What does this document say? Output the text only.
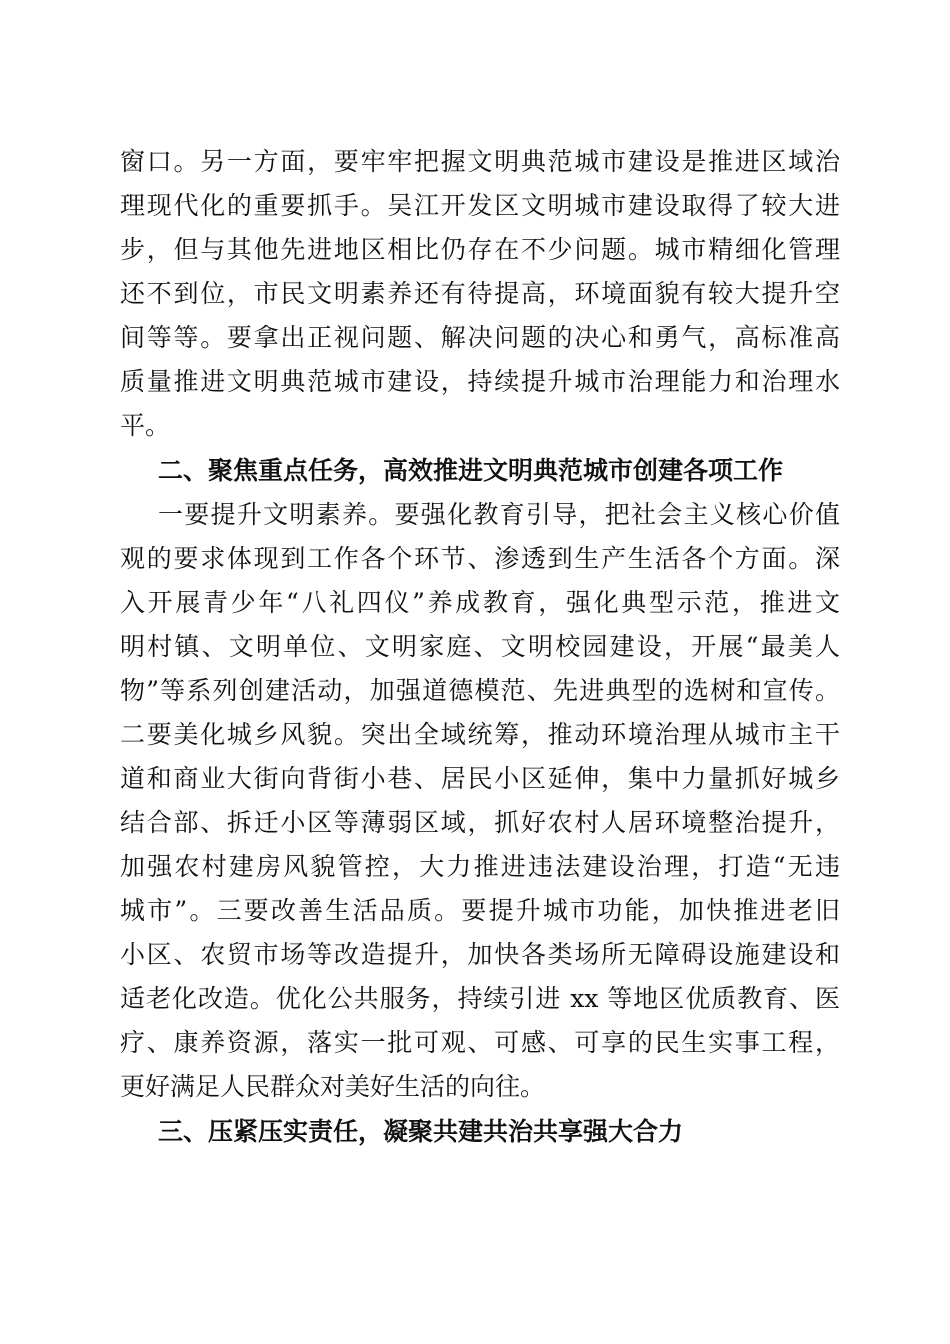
窗口。另一方面，要牢牢把握文明典范城市建设是推进区域治
理现代化的重要抓手。吴江开发区文明城市建设取得了较大进
步，但与其他先进地区相比仍存在不少问题。城市精细化管理
还不到位，市民文明素养还有待提高，环境面貌有较大提升空
间等等。要拿出正视问题、解决问题的决心和勇气，高标准高
质量推进文明典范城市建设，持续提升城市治理能力和治理水
平。
二、聚焦重点任务，高效推进文明典范城市创建各项工作
一要提升文明素养。要强化教育引导，把社会主义核心价值
观的要求体现到工作各个环节、渗透到生产生活各个方面。深
入开展青少年“八礼四仪”养成教育，强化典型示范，推进文
明村镇、文明单位、文明家庭、文明校园建设，开展“最美人
物”等系列创建活动，加强道德模范、先进典型的选树和宣传。
二要美化城乡风貌。突出全域统筹，推动环境治理从城市主干
道和商业大街向背街小巷、居民小区延伸，集中力量抓好城乡
结合部、拆迁小区等薄弱区域，抓好农村人居环境整治提升，
加强农村建房风貌管控，大力推进违法建设治理，打造“无违
城市”。三要改善生活品质。要提升城市功能，加快推进老旧
小区、农贸市场等改造提升，加快各类场所无障碍设施建设和
适老化改造。优化公共服务，持续引进 xx 等地区优质教育、医
疗、康养资源，落实一批可观、可感、可享的民生实事工程，
更好满足人民群众对美好生活的向往。
三、压紧压实责任，凝聚共建共治共享强大合力
